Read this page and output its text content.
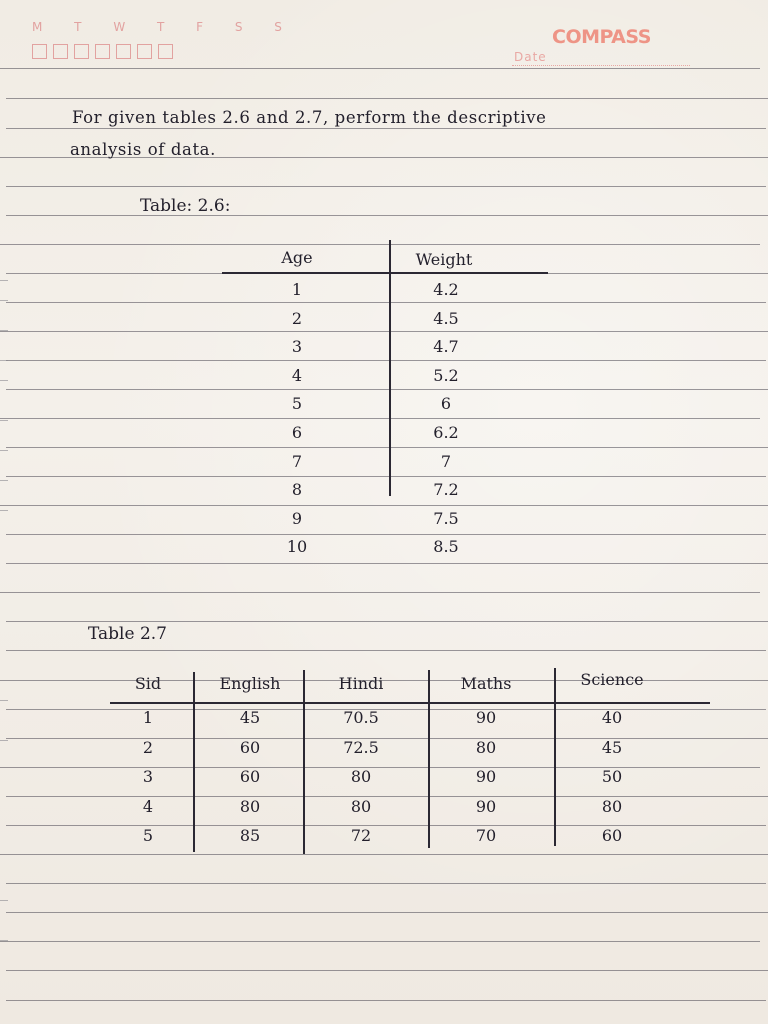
M T W T F S S	COMPASS
Date
For given tables 2.6 and 2.7, perform the descriptive
analysis of data.
Table: 2.6:
Age	Weight
1	4.2
2	4.5
3	4.7
4	5.2
5	6
6	6.2
7	7
8	7.2
9	7.5
10	8.5
Table 2.7
Sid	English	Hindi	Maths	Science
1	45	70.5	90	40
2	60	72.5	80	45
3	60	80	90	50
4	80	80	90	80
5	85	72	70	60
